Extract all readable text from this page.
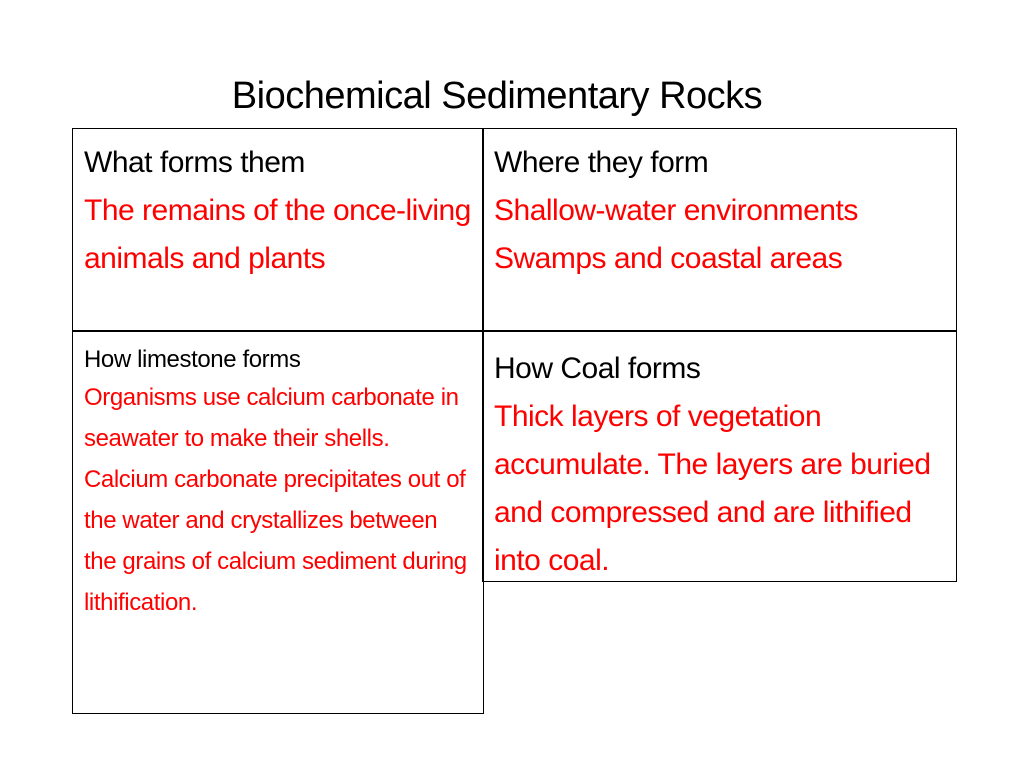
Biochemical Sedimentary Rocks
What forms them
The remains of the once-living animals and plants
Where they form
Shallow-water environments Swamps and coastal areas
How limestone forms
Organisms use calcium carbonate in seawater to make their shells. Calcium carbonate precipitates out of the water and crystallizes between the grains of calcium sediment during lithification.
How Coal forms
Thick layers of vegetation accumulate. The layers are buried and compressed and are lithified into coal.
